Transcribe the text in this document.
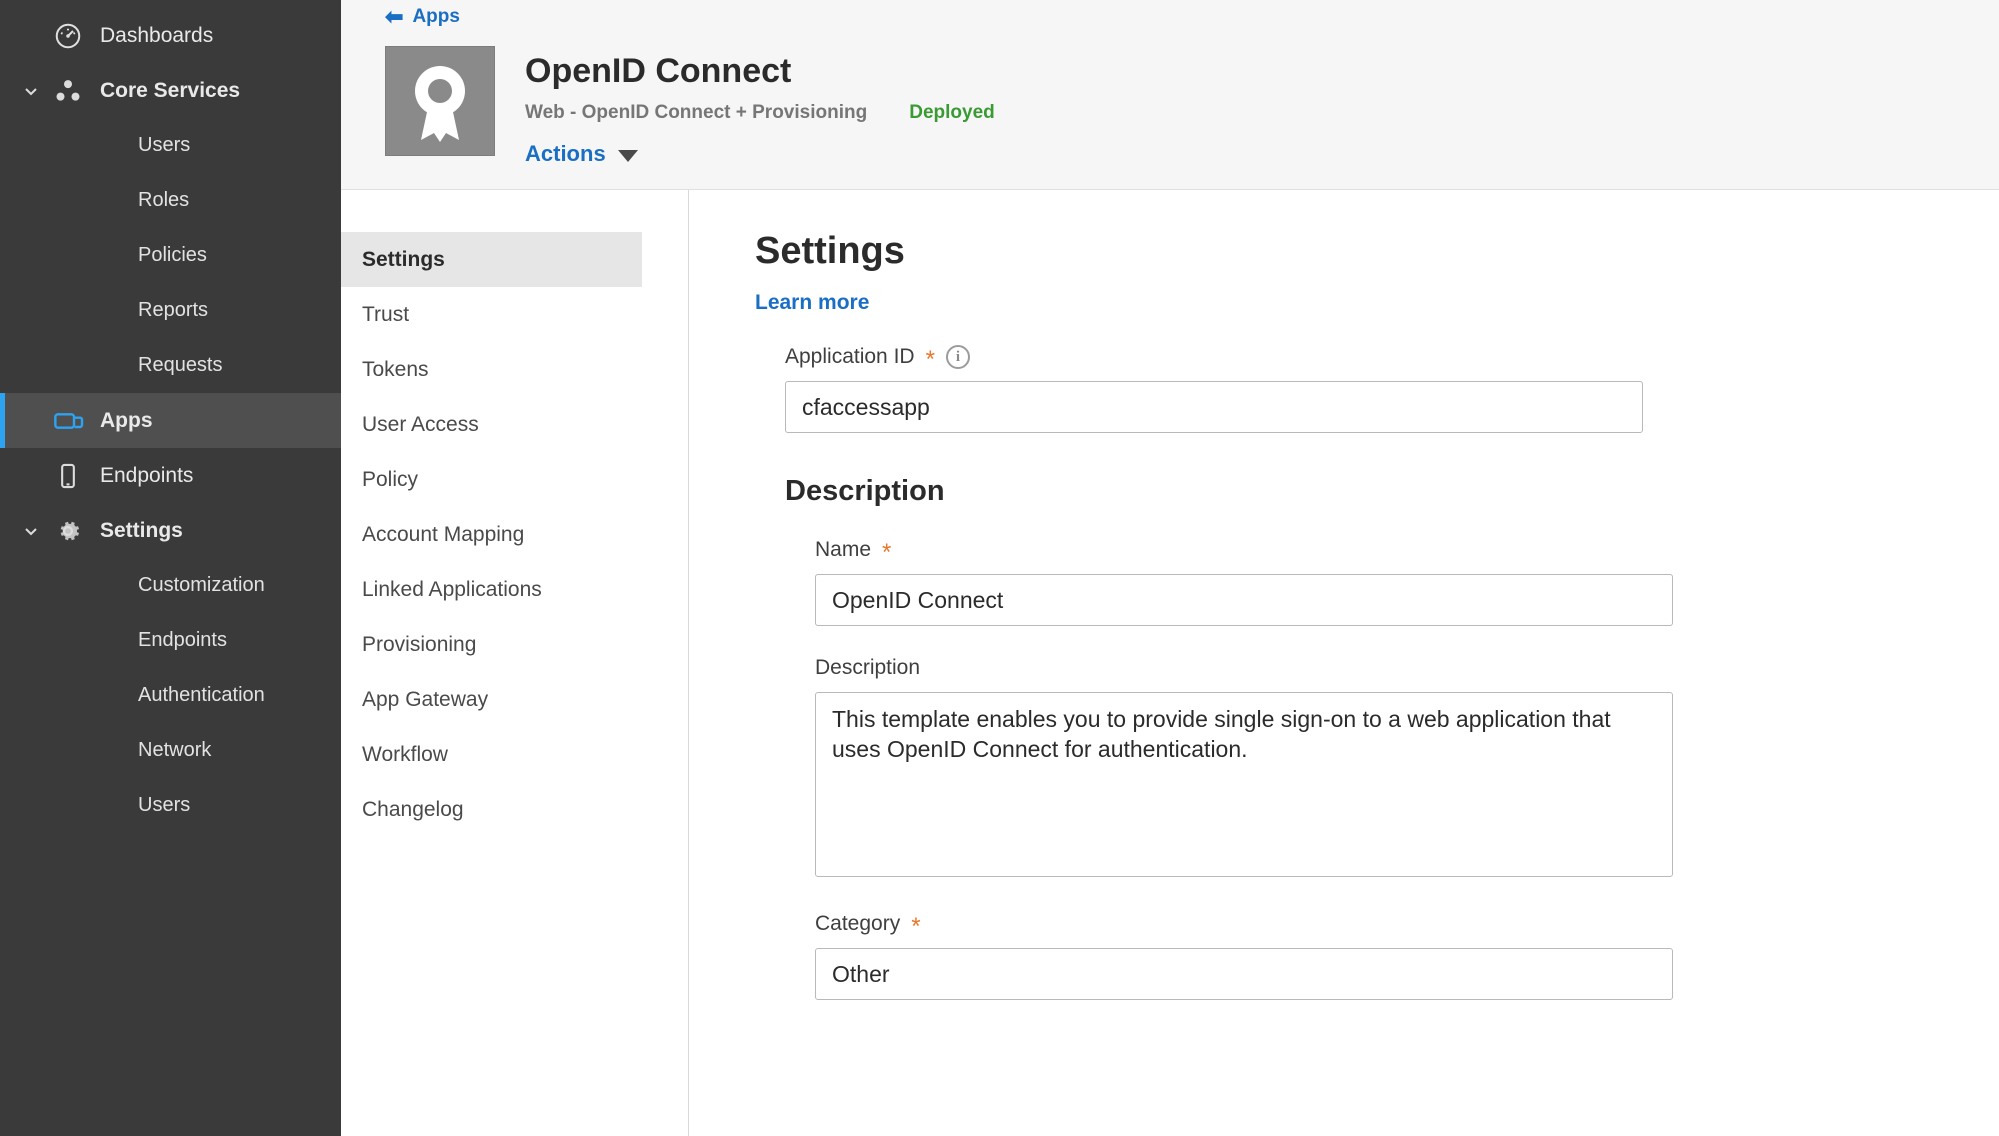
Dashboards
Core Services
Users
Roles
Policies
Reports
Requests
Apps
Endpoints
Settings
Customization
Endpoints
Authentication
Network
Users
⬅ Apps
OpenID Connect
Web - OpenID Connect + Provisioning Deployed
Actions
Settings
Trust
Tokens
User Access
Policy
Account Mapping
Linked Applications
Provisioning
App Gateway
Workflow
Changelog
Settings
Learn more
Application ID *	i
cfaccessapp
Description
Name *
OpenID Connect
Description
This template enables you to provide single sign-on to a web application that uses OpenID Connect for authentication.
Category *
Other
